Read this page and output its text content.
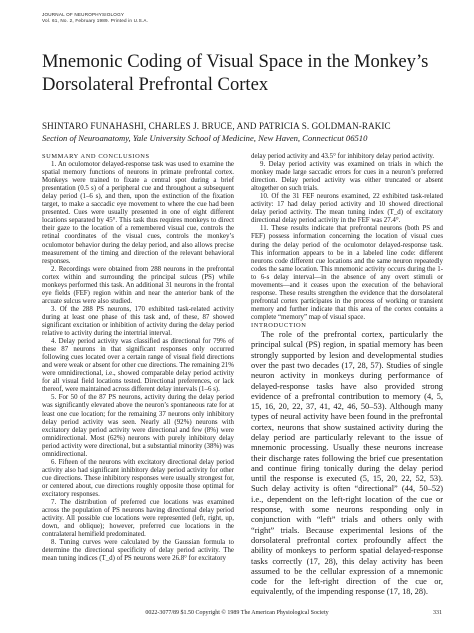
JOURNAL OF NEUROPHYSIOLOGY
Vol. 61, No. 2, February 1989. Printed in U.S.A.
Mnemonic Coding of Visual Space in the Monkey’s Dorsolateral Prefrontal Cortex
SHINTARO FUNAHASHI, CHARLES J. BRUCE, AND PATRICIA S. GOLDMAN-RAKIC
Section of Neuroanatomy, Yale University School of Medicine, New Haven, Connecticut 06510

SUMMARY AND CONCLUSIONS

1. An oculomotor delayed-response task was used to examine the spatial memory functions of neurons in primate prefrontal cortex. Monkeys were trained to fixate a central spot during a brief presentation (0.5 s) of a peripheral cue and throughout a subsequent delay period (1–6 s), and then, upon the extinction of the fixation target, to make a saccadic eye movement to where the cue had been presented. Cues were usually presented in one of eight different locations separated by 45°. This task thus requires monkeys to direct their gaze to the location of a remembered visual cue, controls the retinal coordinates of the visual cues, controls the monkey’s oculomotor behavior during the delay period, and also allows precise measurement of the timing and direction of the relevant behavioral responses.

2. Recordings were obtained from 288 neurons in the prefrontal cortex within and surrounding the principal sulcus (PS) while monkeys performed this task. An additional 31 neurons in the frontal eye fields (FEF) region within and near the anterior bank of the arcuate sulcus were also studied.

3. Of the 288 PS neurons, 170 exhibited task-related activity during at least one phase of this task and, of these, 87 showed significant excitation or inhibition of activity during the delay period relative to activity during the intertrial interval.

4. Delay period activity was classified as directional for 79% of these 87 neurons in that significant responses only occurred following cues located over a certain range of visual field directions and were weak or absent for other cue directions. The remaining 21% were omnidirectional, i.e., showed comparable delay period activity for all visual field locations tested. Directional preferences, or lack thereof, were maintained across different delay intervals (1–6 s).

5. For 50 of the 87 PS neurons, activity during the delay period was significantly elevated above the neuron’s spontaneous rate for at least one cue location; for the remaining 37 neurons only inhibitory delay period activity was seen. Nearly all (92%) neurons with excitatory delay period activity were directional and few (8%) were omnidirectional. Most (62%) neurons with purely inhibitory delay period activity were directional, but a substantial minority (38%) was omnidirectional.

6. Fifteen of the neurons with excitatory directional delay period activity also had significant inhibitory delay period activity for other cue directions. These inhibitory responses were usually strongest for, or centered about, cue directions roughly opposite those optimal for excitatory responses.

7. The distribution of preferred cue locations was examined across the population of PS neurons having directional delay period activity. All possible cue locations were represented (left, right, up, down, and oblique); however, preferred cue locations in the contralateral hemifield predominated.

8. Tuning curves were calculated by the Gaussian formula to determine the directional specificity of delay period activity. The mean tuning indices (T_d) of PS neurons were 26.8° for excitatory

delay period activity and 43.5° for inhibitory delay period activity.

9. Delay period activity was examined on trials in which the monkey made large saccadic errors for cues in a neuron’s preferred direction. Delay period activity was either truncated or absent altogether on such trials.

10. Of the 31 FEF neurons examined, 22 exhibited task-related activity: 17 had delay period activity and 10 showed directional delay period activity. The mean tuning index (T_d) of excitatory directional delay period activity in the FEF was 27.4°.

11. These results indicate that prefrontal neurons (both PS and FEF) possess information concerning the location of visual cues during the delay period of the oculomotor delayed-response task. This information appears to be in a labeled line code: different neurons code different cue locations and the same neuron repeatedly codes the same location. This mnemonic activity occurs during the 1- to 6-s delay interval—in the absence of any overt stimuli or movements—and it ceases upon the execution of the behavioral response. These results strengthen the evidence that the dorsolateral prefrontal cortex participates in the process of working or transient memory and further indicate that this area of the cortex contains a complete “memory” map of visual space.

INTRODUCTION

The role of the prefrontal cortex, particularly the principal sulcal (PS) region, in spatial memory has been strongly supported by lesion and developmental studies over the past two decades (17, 28, 57). Studies of single neuron activity in monkeys during performance of delayed-response tasks have also provided strong evidence of a prefrontal contribution to memory (4, 5, 15, 16, 20, 22, 37, 41, 42, 46, 50–53). Although many types of neural activity have been found in the prefrontal cortex, neurons that show sustained activity during the delay period are particularly relevant to the issue of mnemonic processing. Usually these neurons increase their discharge rates following the brief cue presentation and continue firing tonically during the delay period until the response is executed (5, 15, 20, 22, 52, 53). Such delay activity is often “directional” (44, 50–52) i.e., dependent on the left-right location of the cue or response, with some neurons responding only in conjunction with “left” trials and others only with “right” trials. Because experimental lesions of the dorsolateral prefrontal cortex profoundly affect the ability of monkeys to perform spatial delayed-response tasks correctly (17, 28), this delay activity has been assumed to be the cellular expression of a mnemonic code for the left-right direction of the cue or, equivalently, of the impending response (17, 18, 28).

0022-3077/89 $1.50 Copyright © 1989 The American Physiological Society	331
